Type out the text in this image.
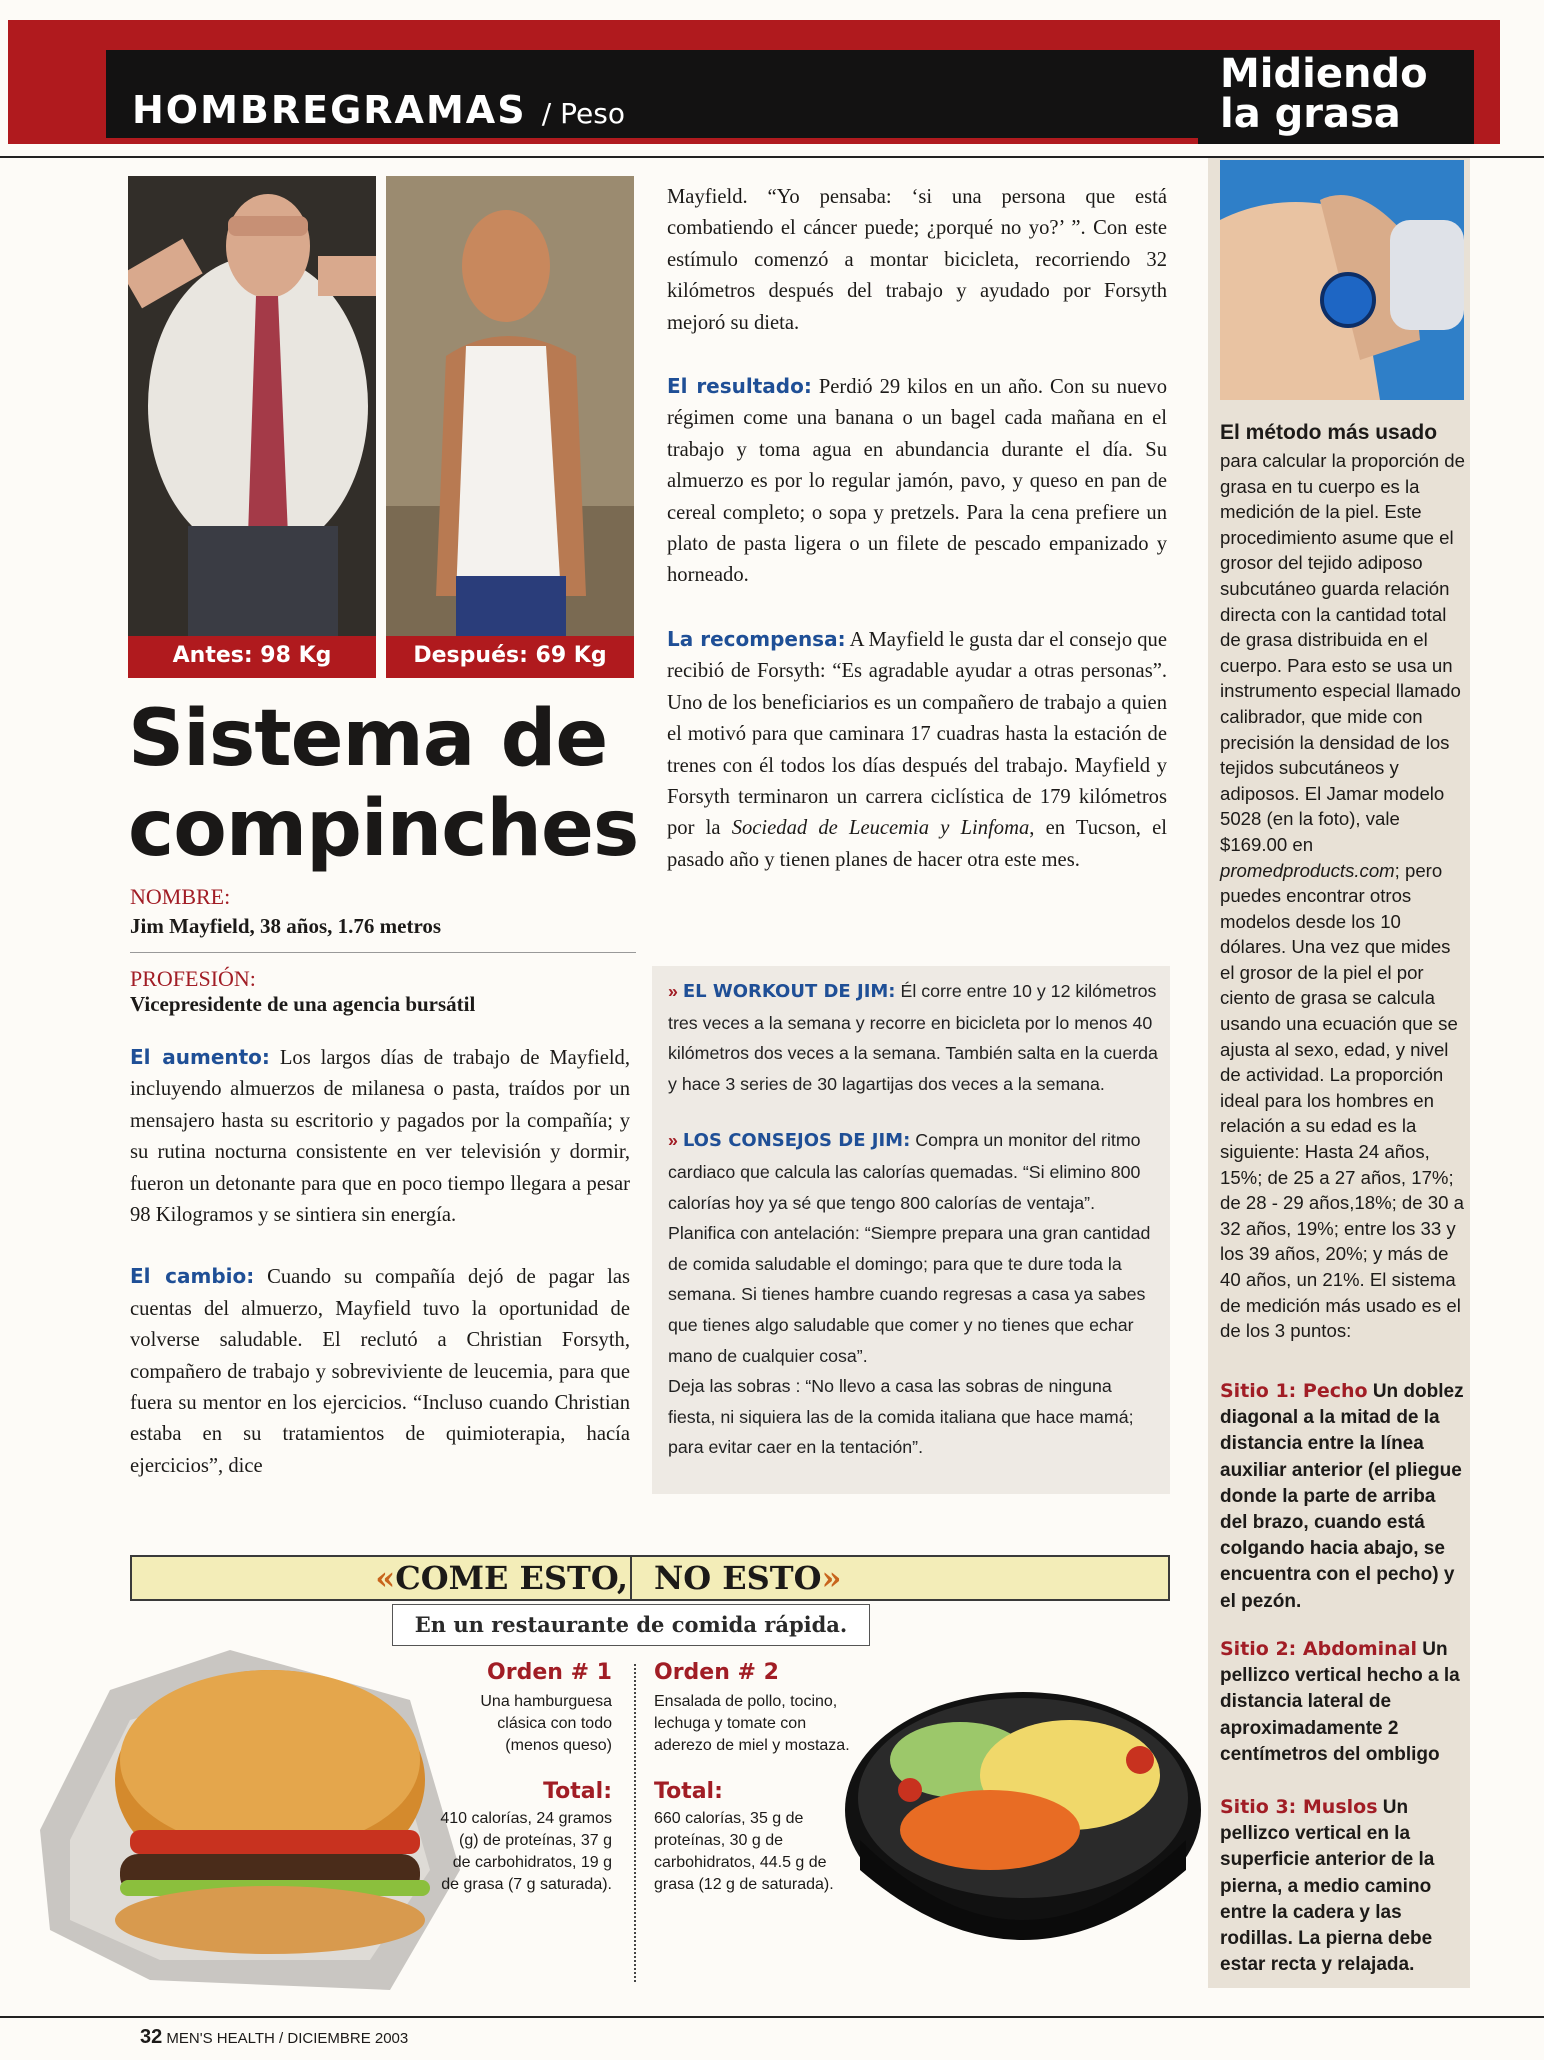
HOMBREGRAMAS / Peso
Midiendo
la grasa
Antes: 98 Kg	Después: 69 Kg
Sistema de
compinches
NOMBRE:
Jim Mayfield, 38 años, 1.76 metros
PROFESIÓN:
Vicepresidente de una agencia bursátil

El aumento: Los largos días de trabajo de Mayfield, incluyendo almuerzos de milanesa o pasta, traídos por un mensajero hasta su escritorio y pagados por la compañía; y su rutina nocturna consistente en ver televisión y dormir, fueron un detonante para que en poco tiempo llegara a pesar 98 Kilogramos y se sintiera sin energía.

El cambio: Cuando su compañía dejó de pagar las cuentas del almuerzo, Mayfield tuvo la oportunidad de volverse saludable. El reclutó a Christian Forsyth, compañero de trabajo y sobreviviente de leucemia, para que fuera su mentor en los ejercicios. “Incluso cuando Christian estaba en su tratamientos de quimioterapia, hacía ejercicios”, dice

Mayfield. “Yo pensaba: ‘si una persona que está combatiendo el cáncer puede; ¿porqué no yo?’ ”. Con este estímulo comenzó a montar bicicleta, recorriendo 32 kilómetros después del trabajo y ayudado por Forsyth mejoró su dieta.

El resultado: Perdió 29 kilos en un año. Con su nuevo régimen come una banana o un bagel cada mañana en el trabajo y toma agua en abundancia durante el día. Su almuerzo es por lo regular jamón, pavo, y queso en pan de cereal completo; o sopa y pretzels. Para la cena prefiere un plato de pasta ligera o un filete de pescado empanizado y horneado.

La recompensa: A Mayfield le gusta dar el consejo que recibió de Forsyth: “Es agradable ayudar a otras personas”. Uno de los beneficiarios es un compañero de trabajo a quien el motivó para que caminara 17 cuadras hasta la estación de trenes con él todos los días después del trabajo. Mayfield y Forsyth terminaron un carrera ciclística de 179 kilómetros por la Sociedad de Leucemia y Linfoma, en Tucson, el pasado año y tienen planes de hacer otra este mes.

» EL WORKOUT DE JIM: Él corre entre 10 y 12 kilómetros tres veces a la semana y recorre en bicicleta por lo menos 40 kilómetros dos veces a la semana. También salta en la cuerda y hace 3 series de 30 lagartijas dos veces a la semana.

» LOS CONSEJOS DE JIM: Compra un monitor del ritmo cardiaco que calcula las calorías quemadas. “Si elimino 800 calorías hoy ya sé que tengo 800 calorías de ventaja”. Planifica con antelación: “Siempre prepara una gran cantidad de comida saludable el domingo; para que te dure toda la semana. Si tienes hambre cuando regresas a casa ya sabes que tienes algo saludable que comer y no tienes que echar mano de cualquier cosa”.

Deja las sobras : “No llevo a casa las sobras de ninguna fiesta, ni siquiera las de la comida italiana que hace mamá; para evitar caer en la tentación”.

«COME ESTO, NO ESTO»
En un restaurante de comida rápida.
Orden # 1
Una hamburguesa clásica con todo (menos queso)
Total:
410 calorías, 24 gramos (g) de proteínas, 37 g de carbohidratos, 19 g de grasa (7 g saturada).
Orden # 2
Ensalada de pollo, tocino, lechuga y tomate con aderezo de miel y mostaza.
Total:
660 calorías, 35 g de proteínas, 30 g de carbohidratos, 44.5 g de grasa (12 g de saturada).
El método más usado
para calcular la proporción de grasa en tu cuerpo es la medición de la piel. Este procedimiento asume que el grosor del tejido adiposo subcutáneo guarda relación directa con la cantidad total de grasa distribuida en el cuerpo. Para esto se usa un instrumento especial llamado calibrador, que mide con precisión la densidad de los tejidos subcutáneos y adiposos. El Jamar modelo 5028 (en la foto), vale $169.00 en promedproducts.com; pero puedes encontrar otros modelos desde los 10 dólares. Una vez que mides el grosor de la piel el por ciento de grasa se calcula usando una ecuación que se ajusta al sexo, edad, y nivel de actividad. La proporción ideal para los hombres en relación a su edad es la siguiente: Hasta 24 años, 15%; de 25 a 27 años, 17%; de 28 - 29 años,18%; de 30 a 32 años, 19%; entre los 33 y los 39 años, 20%; y más de 40 años, un 21%. El sistema de medición más usado es el de los 3 puntos:
Sitio 1: Pecho Un doblez diagonal a la mitad de la distancia entre la línea auxiliar anterior (el pliegue donde la parte de arriba del brazo, cuando está colgando hacia abajo, se encuentra con el pecho) y el pezón.
Sitio 2: Abdominal Un pellizco vertical hecho a la distancia lateral de aproximadamente 2 centímetros del ombligo
Sitio 3: Muslos Un pellizco vertical en la superficie anterior de la pierna, a medio camino entre la cadera y las rodillas. La pierna debe estar recta y relajada.
32 MEN'S HEALTH / DICIEMBRE 2003
